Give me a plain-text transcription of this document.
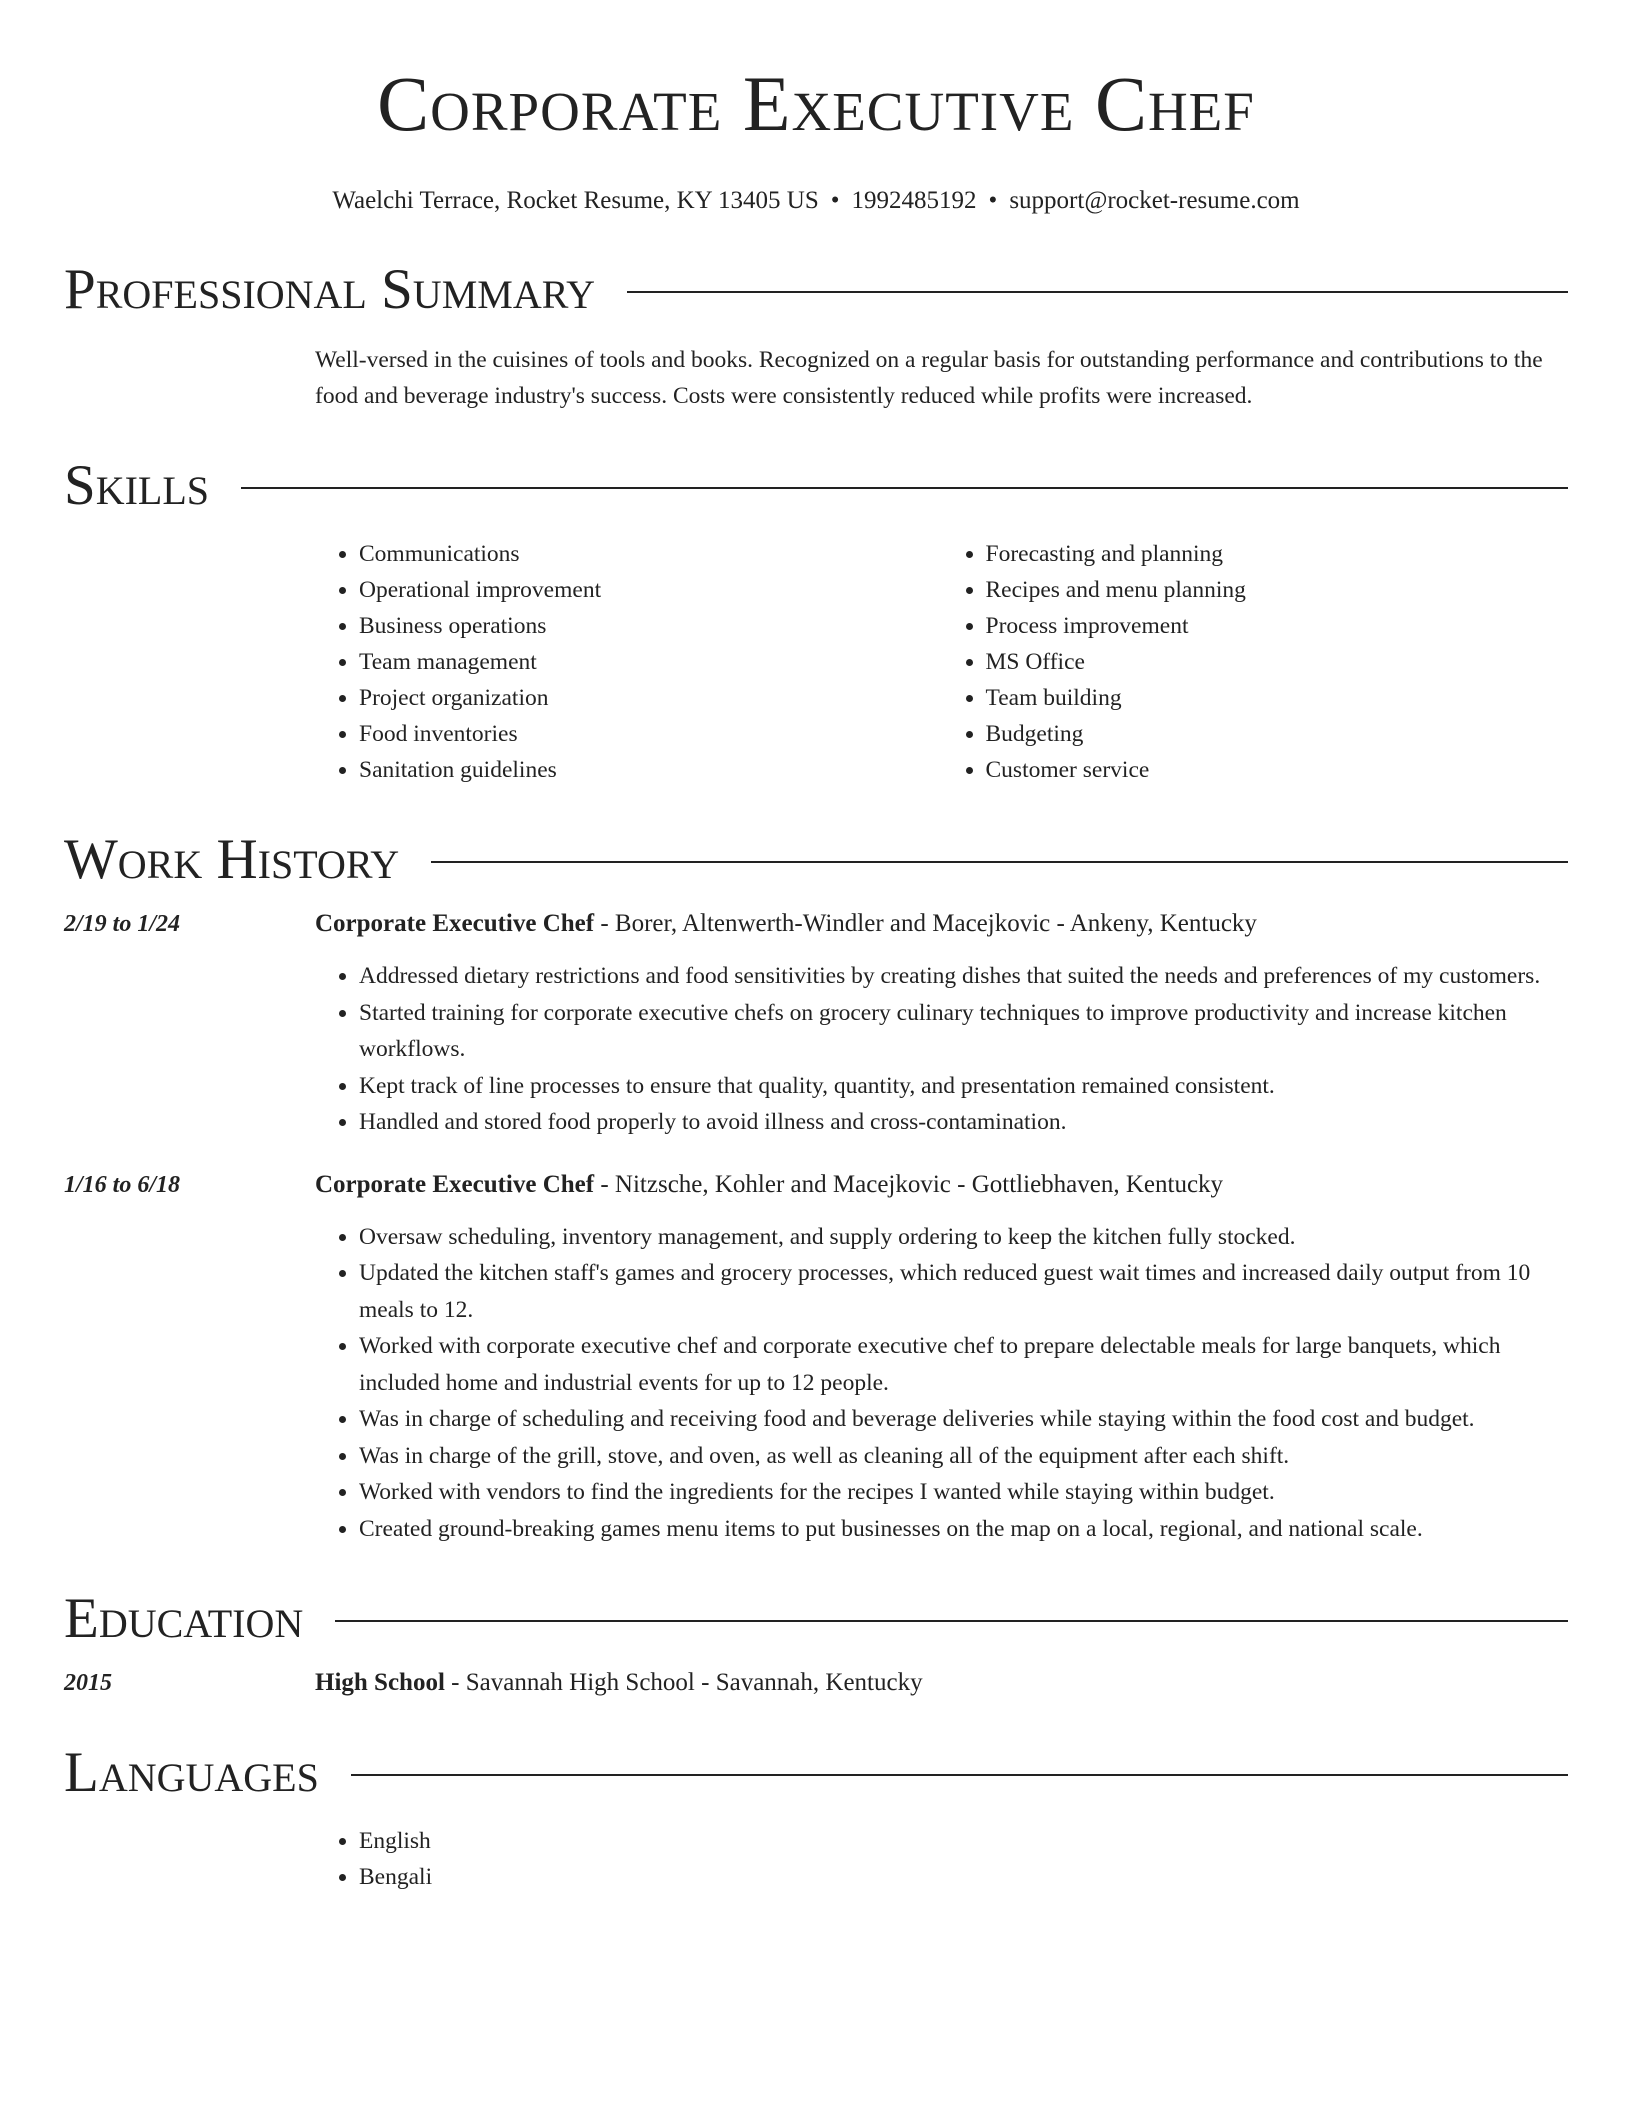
Corporate Executive Chef
Waelchi Terrace, Rocket Resume, KY 13405 US • 1992485192 • support@rocket-resume.com
Professional Summary
Well-versed in the cuisines of tools and books. Recognized on a regular basis for outstanding performance and contributions to the food and beverage industry's success. Costs were consistently reduced while profits were increased.
Skills
• Communications
• Operational improvement
• Business operations
• Team management
• Project organization
• Food inventories
• Sanitation guidelines
• Forecasting and planning
• Recipes and menu planning
• Process improvement
• MS Office
• Team building
• Budgeting
• Customer service
Work History
2/19 to 1/24	Corporate Executive Chef - Borer, Altenwerth-Windler and Macejkovic - Ankeny, Kentucky
• Addressed dietary restrictions and food sensitivities by creating dishes that suited the needs and preferences of my customers.
• Started training for corporate executive chefs on grocery culinary techniques to improve productivity and increase kitchen workflows.
• Kept track of line processes to ensure that quality, quantity, and presentation remained consistent.
• Handled and stored food properly to avoid illness and cross-contamination.
1/16 to 6/18	Corporate Executive Chef - Nitzsche, Kohler and Macejkovic - Gottliebhaven, Kentucky
• Oversaw scheduling, inventory management, and supply ordering to keep the kitchen fully stocked.
• Updated the kitchen staff's games and grocery processes, which reduced guest wait times and increased daily output from 10 meals to 12.
• Worked with corporate executive chef and corporate executive chef to prepare delectable meals for large banquets, which included home and industrial events for up to 12 people.
• Was in charge of scheduling and receiving food and beverage deliveries while staying within the food cost and budget.
• Was in charge of the grill, stove, and oven, as well as cleaning all of the equipment after each shift.
• Worked with vendors to find the ingredients for the recipes I wanted while staying within budget.
• Created ground-breaking games menu items to put businesses on the map on a local, regional, and national scale.
Education
2015	High School - Savannah High School - Savannah, Kentucky
Languages
• English
• Bengali
